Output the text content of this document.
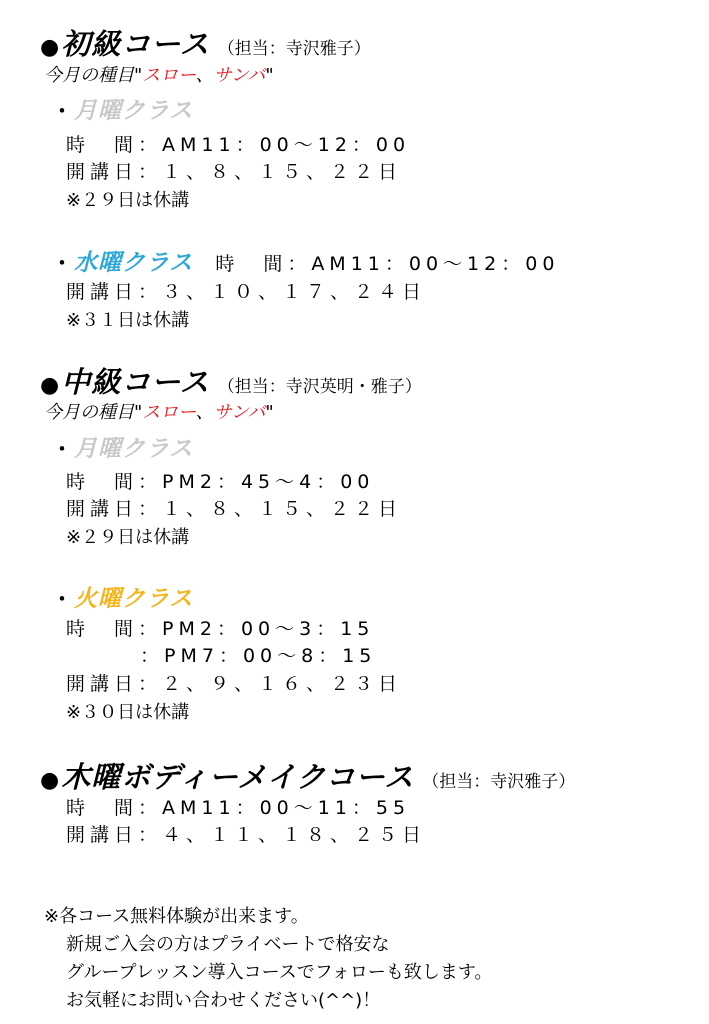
● 初級コース （担当：寺沢雅子）
今月の種目"スロー、サンバ"
・ 月曜クラス
時　間：AM11：00～12：00
開講日：１、８、１５、２２日
※２９日は休講
・ 水曜クラス 時　間：AM11：00～12：00
開講日：３、１０、１７、２４日
※３１日は休講
● 中級コース （担当：寺沢英明・雅子）
今月の種目"スロー、サンバ"
・ 月曜クラス
時　間：PM2：45～4：00
開講日：１、８、１５、２２日
※２９日は休講
・ 火曜クラス
時　間：PM2：00～3：15
：PM7：00～8：15
開講日：２、９、１６、２３日
※３０日は休講
● 木曜ボディーメイクコース （担当：寺沢雅子）
時　間：AM11：00～11：55
開講日：４、１１、１８、２５日
※各コース無料体験が出来ます。
新規ご入会の方はプライベートで格安な
グループレッスン導入コースでフォローも致します。
お気軽にお問い合わせください(^^)！
